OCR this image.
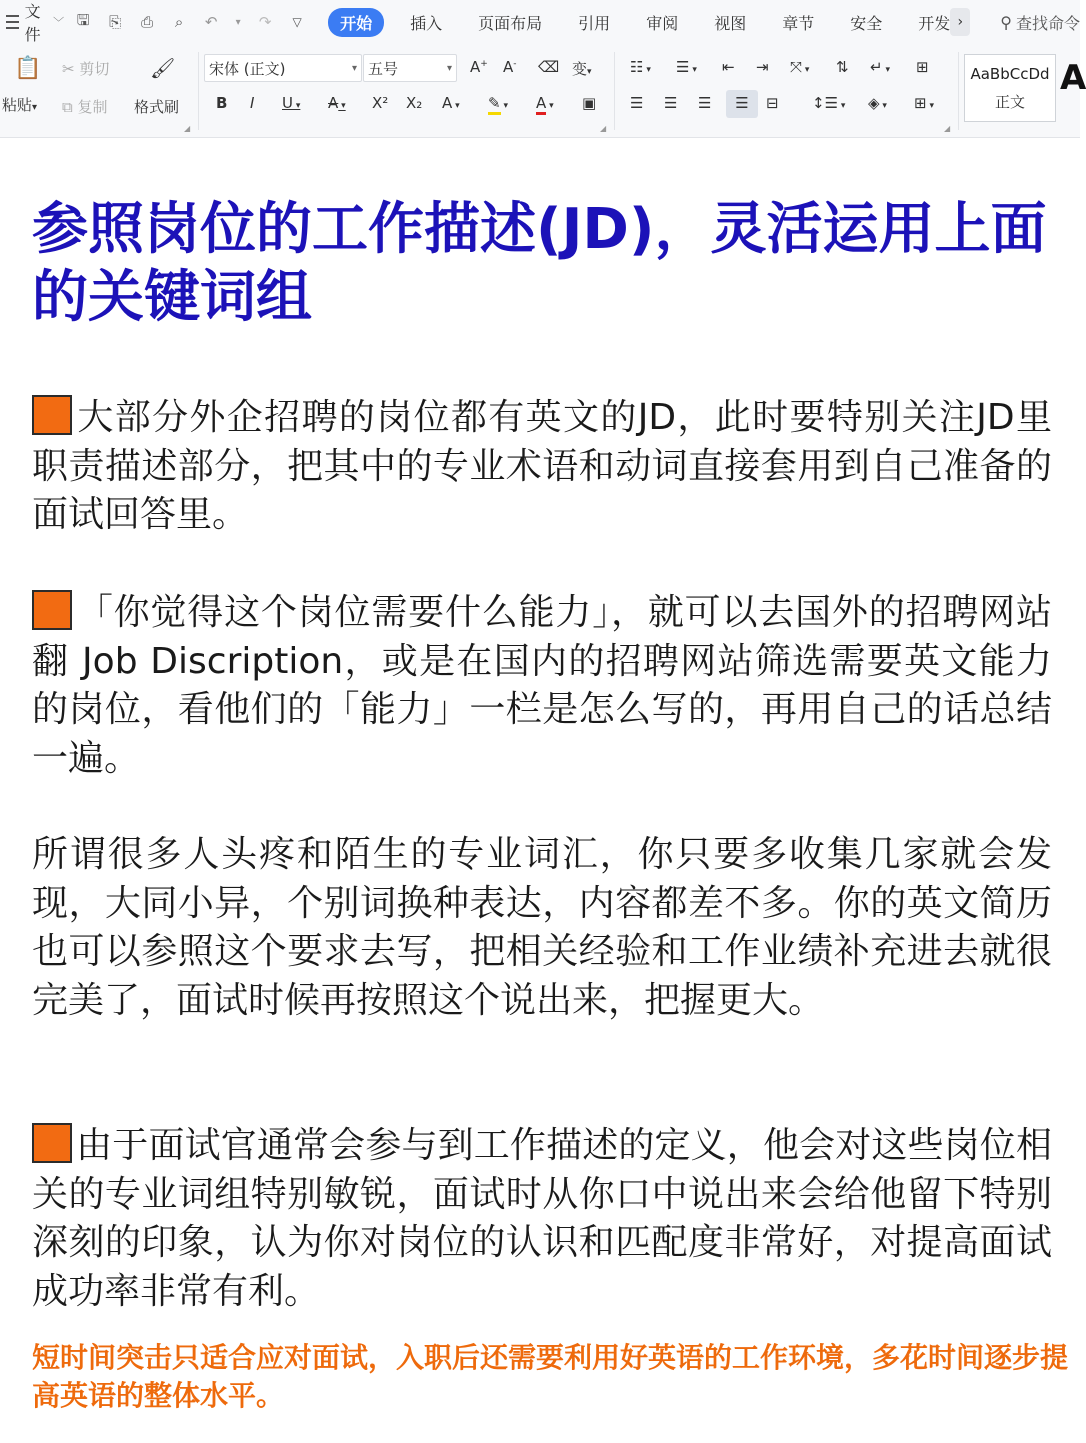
文件
﹀ 🖫 ⎘ ⎙	⌕	↶ ▾ ↷	▽	开始	插入	页面布局	引用	审阅	视图	章节	安全	开发 ›	⚲ 查找命令
📋
粘贴▾
✂ 剪切
⧉ 复制
🖌
格式刷
◢
宋体 (正文)	▾ 五号	▾ A+ A- ⌫ 变▾
B I U ▾ A ▾ X² X₂ A ▾ ✎ ▾ A ▾ ▣
◢
☷ ▾ ☰ ▾ ⇤ ⇥ ⤧ ▾ ⇅ ↵ ▾ ⊞
☰ ☰ ☰	☰	⊟ ↕☰ ▾ ◈ ▾ ⊞ ▾
◢
AaBbCcDd
正文
A
参照岗位的工作描述(JD)，灵活运用上面的关键词组
大部分外企招聘的岗位都有英文的JD，此时要特别关注JD里职责描述部分，把其中的专业术语和动词直接套用到自己准备的面试回答里。
「你觉得这个岗位需要什么能力」，就可以去国外的招聘网站翻 Job Discription，或是在国内的招聘网站筛选需要英文能力的岗位，看他们的「能力」一栏是怎么写的，再用自己的话总结一遍。
所谓很多人头疼和陌生的专业词汇，你只要多收集几家就会发现，大同小异，个别词换种表达，内容都差不多。你的英文简历也可以参照这个要求去写，把相关经验和工作业绩补充进去就很完美了，面试时候再按照这个说出来，把握更大。
由于面试官通常会参与到工作描述的定义，他会对这些岗位相关的专业词组特别敏锐，面试时从你口中说出来会给他留下特别深刻的印象，认为你对岗位的认识和匹配度非常好，对提高面试成功率非常有利。
短时间突击只适合应对面试，入职后还需要利用好英语的工作环境，多花时间逐步提高英语的整体水平。
